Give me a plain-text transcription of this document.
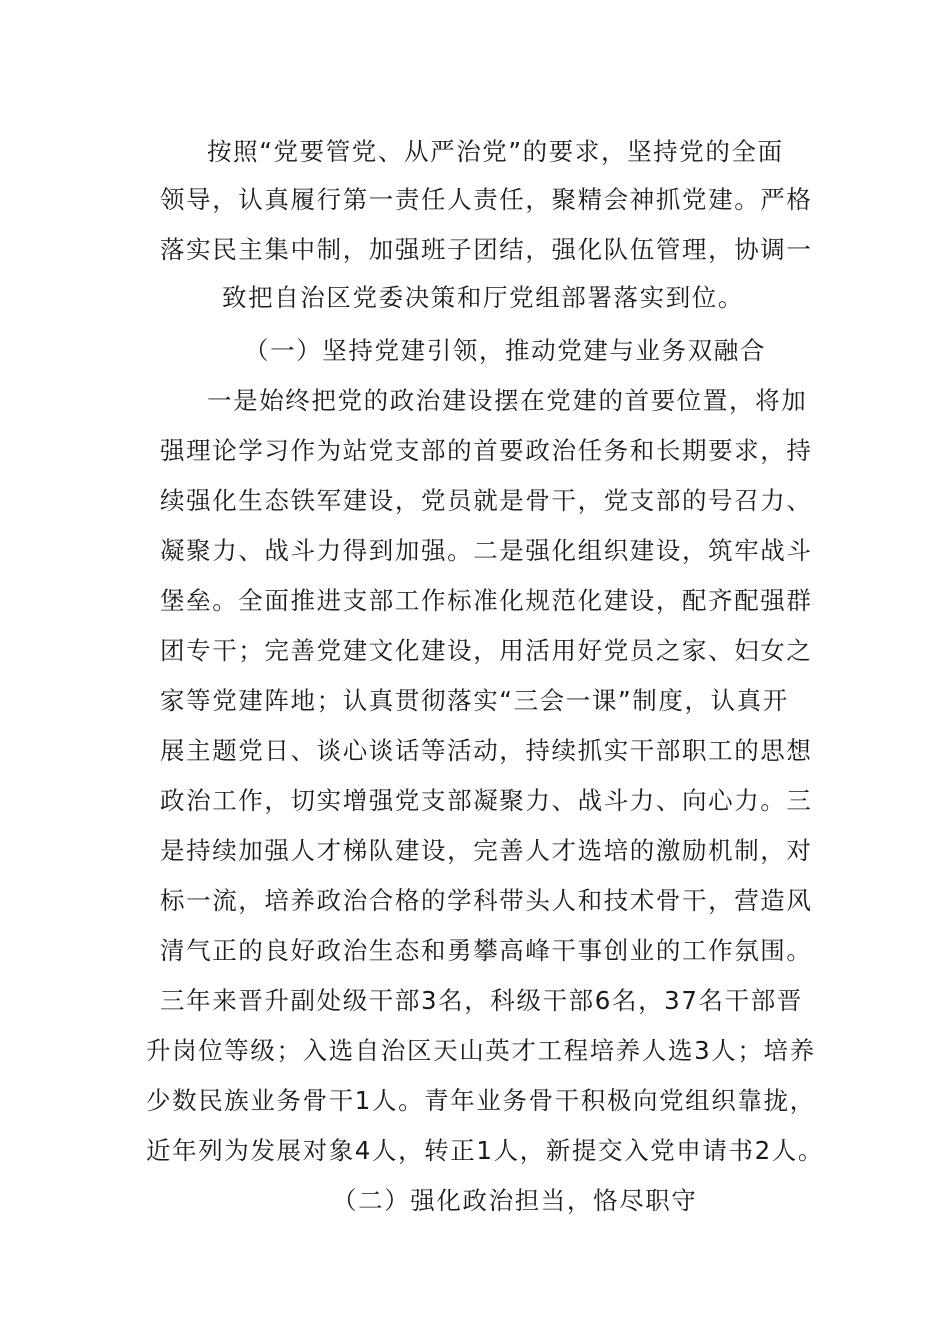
按照“党要管党、从严治党”的要求，坚持党的全面
领导，认真履行第一责任人责任，聚精会神抓党建。严格
落实民主集中制，加强班子团结，强化队伍管理，协调一
致把自治区党委决策和厅党组部署落实到位。
（一）坚持党建引领，推动党建与业务双融合
一是始终把党的政治建设摆在党建的首要位置，将加
强理论学习作为站党支部的首要政治任务和长期要求，持
续强化生态铁军建设，党员就是骨干，党支部的号召力、
凝聚力、战斗力得到加强。二是强化组织建设，筑牢战斗
堡垒。全面推进支部工作标准化规范化建设，配齐配强群
团专干；完善党建文化建设，用活用好党员之家、妇女之
家等党建阵地；认真贯彻落实“三会一课”制度，认真开
展主题党日、谈心谈话等活动，持续抓实干部职工的思想
政治工作，切实增强党支部凝聚力、战斗力、向心力。三
是持续加强人才梯队建设，完善人才选培的激励机制，对
标一流，培养政治合格的学科带头人和技术骨干，营造风
清气正的良好政治生态和勇攀高峰干事创业的工作氛围。
三年来晋升副处级干部3名，科级干部6名，37名干部晋
升岗位等级；入选自治区天山英才工程培养人选3人；培养
少数民族业务骨干1人。青年业务骨干积极向党组织靠拢，
近年列为发展对象4人，转正1人，新提交入党申请书2人。
（二）强化政治担当，恪尽职守
